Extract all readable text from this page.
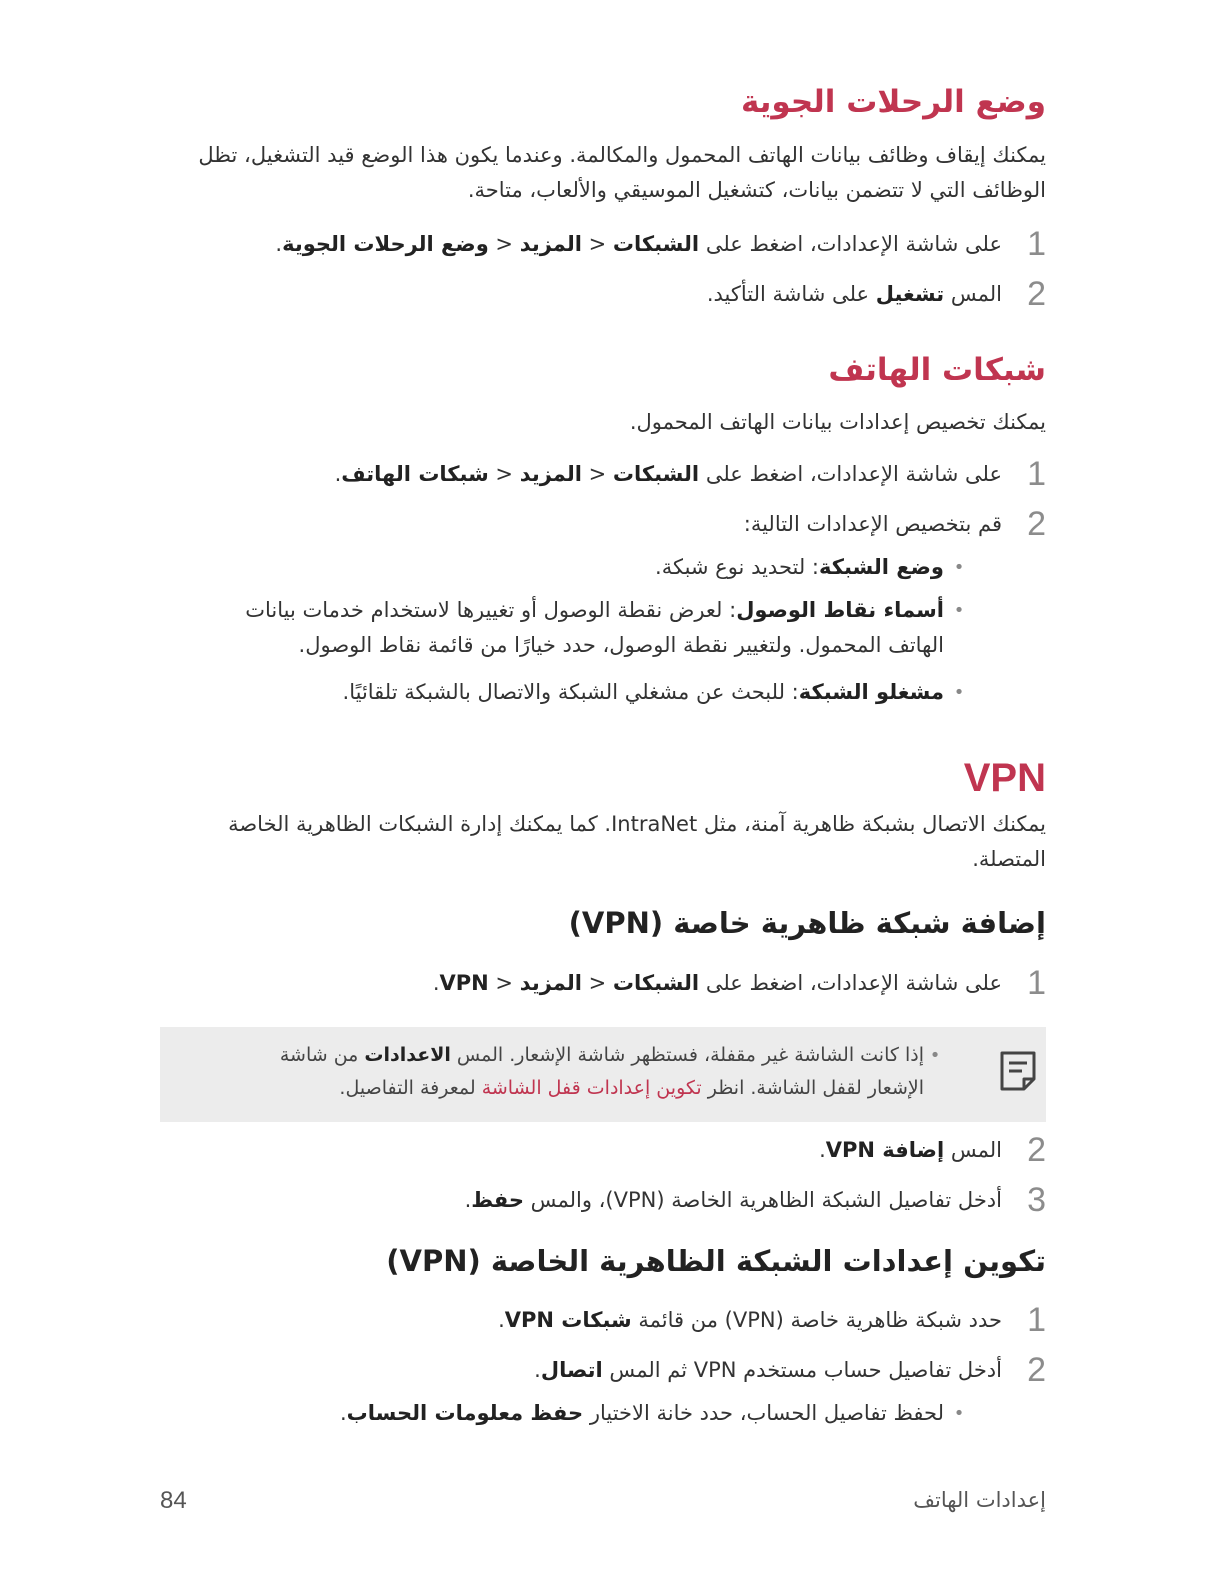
وضع الرحلات الجوية

يمكنك إيقاف وظائف بيانات الهاتف المحمول والمكالمة. وعندما يكون هذا الوضع قيد التشغيل، تظل الوظائف التي لا تتضمن بيانات، كتشغيل الموسيقي والألعاب، متاحة.

1
على شاشة الإعدادات، اضغط على الشبكات < المزيد < وضع الرحلات الجوية.
2
المس تشغيل على شاشة التأكيد.
شبكات الهاتف

يمكنك تخصيص إعدادات بيانات الهاتف المحمول.

1
على شاشة الإعدادات، اضغط على الشبكات < المزيد < شبكات الهاتف.
2
قم بتخصيص الإعدادات التالية:
•
وضع الشبكة: لتحديد نوع شبكة.
•
أسماء نقاط الوصول: لعرض نقطة الوصول أو تغييرها لاستخدام خدمات بيانات الهاتف المحمول. ولتغيير نقطة الوصول، حدد خيارًا من قائمة نقاط الوصول.
•
مشغلو الشبكة: للبحث عن مشغلي الشبكة والاتصال بالشبكة تلقائيًا.
VPN

يمكنك الاتصال بشبكة ظاهرية آمنة، مثل IntraNet. كما يمكنك إدارة الشبكات الظاهرية الخاصة المتصلة.

إضافة شبكة ظاهرية خاصة (VPN)
1
على شاشة الإعدادات، اضغط على الشبكات < المزيد < VPN.
•
إذا كانت الشاشة غير مقفلة، فستظهر شاشة الإشعار. المس الاعدادات من شاشة الإشعار لقفل الشاشة. انظر تكوين إعدادات قفل الشاشة لمعرفة التفاصيل.
2
المس إضافة VPN.
3
أدخل تفاصيل الشبكة الظاهرية الخاصة (VPN)، والمس حفظ.
تكوين إعدادات الشبكة الظاهرية الخاصة (VPN)
1
حدد شبكة ظاهرية خاصة (VPN) من قائمة شبكات VPN.
2
أدخل تفاصيل حساب مستخدم VPN ثم المس اتصال.
•
لحفظ تفاصيل الحساب، حدد خانة الاختيار حفظ معلومات الحساب.
إعدادات الهاتف
84
